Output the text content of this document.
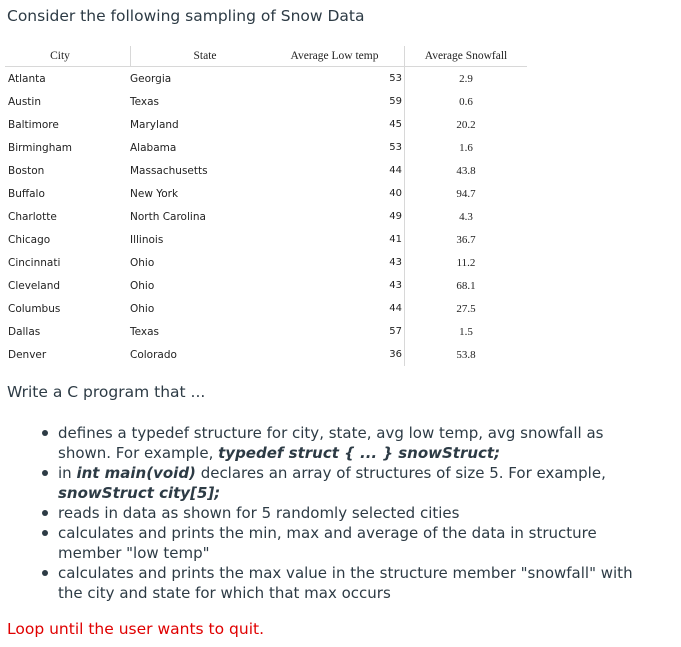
Consider the following sampling of Snow Data
City	State	Average Low temp	Average Snowfall
Atlanta	Georgia	53	2.9
Austin	Texas	59	0.6
Baltimore	Maryland	45	20.2
Birmingham	Alabama	53	1.6
Boston	Massachusetts	44	43.8
Buffalo	New York	40	94.7
Charlotte	North Carolina	49	4.3
Chicago	Illinois	41	36.7
Cincinnati	Ohio	43	11.2
Cleveland	Ohio	43	68.1
Columbus	Ohio	44	27.5
Dallas	Texas	57	1.5
Denver	Colorado	36	53.8
Write a C program that ...
defines a typedef structure for city, state, avg low temp, avg snowfall as shown. For example, typedef struct { ... } snowStruct;
in int main(void) declares an array of structures of size 5. For example, snowStruct city[5];
reads in data as shown for 5 randomly selected cities
calculates and prints the min, max and average of the data in structure member "low temp"
calculates and prints the max value in the structure member "snowfall" with the city and state for which that max occurs
Loop until the user wants to quit.
